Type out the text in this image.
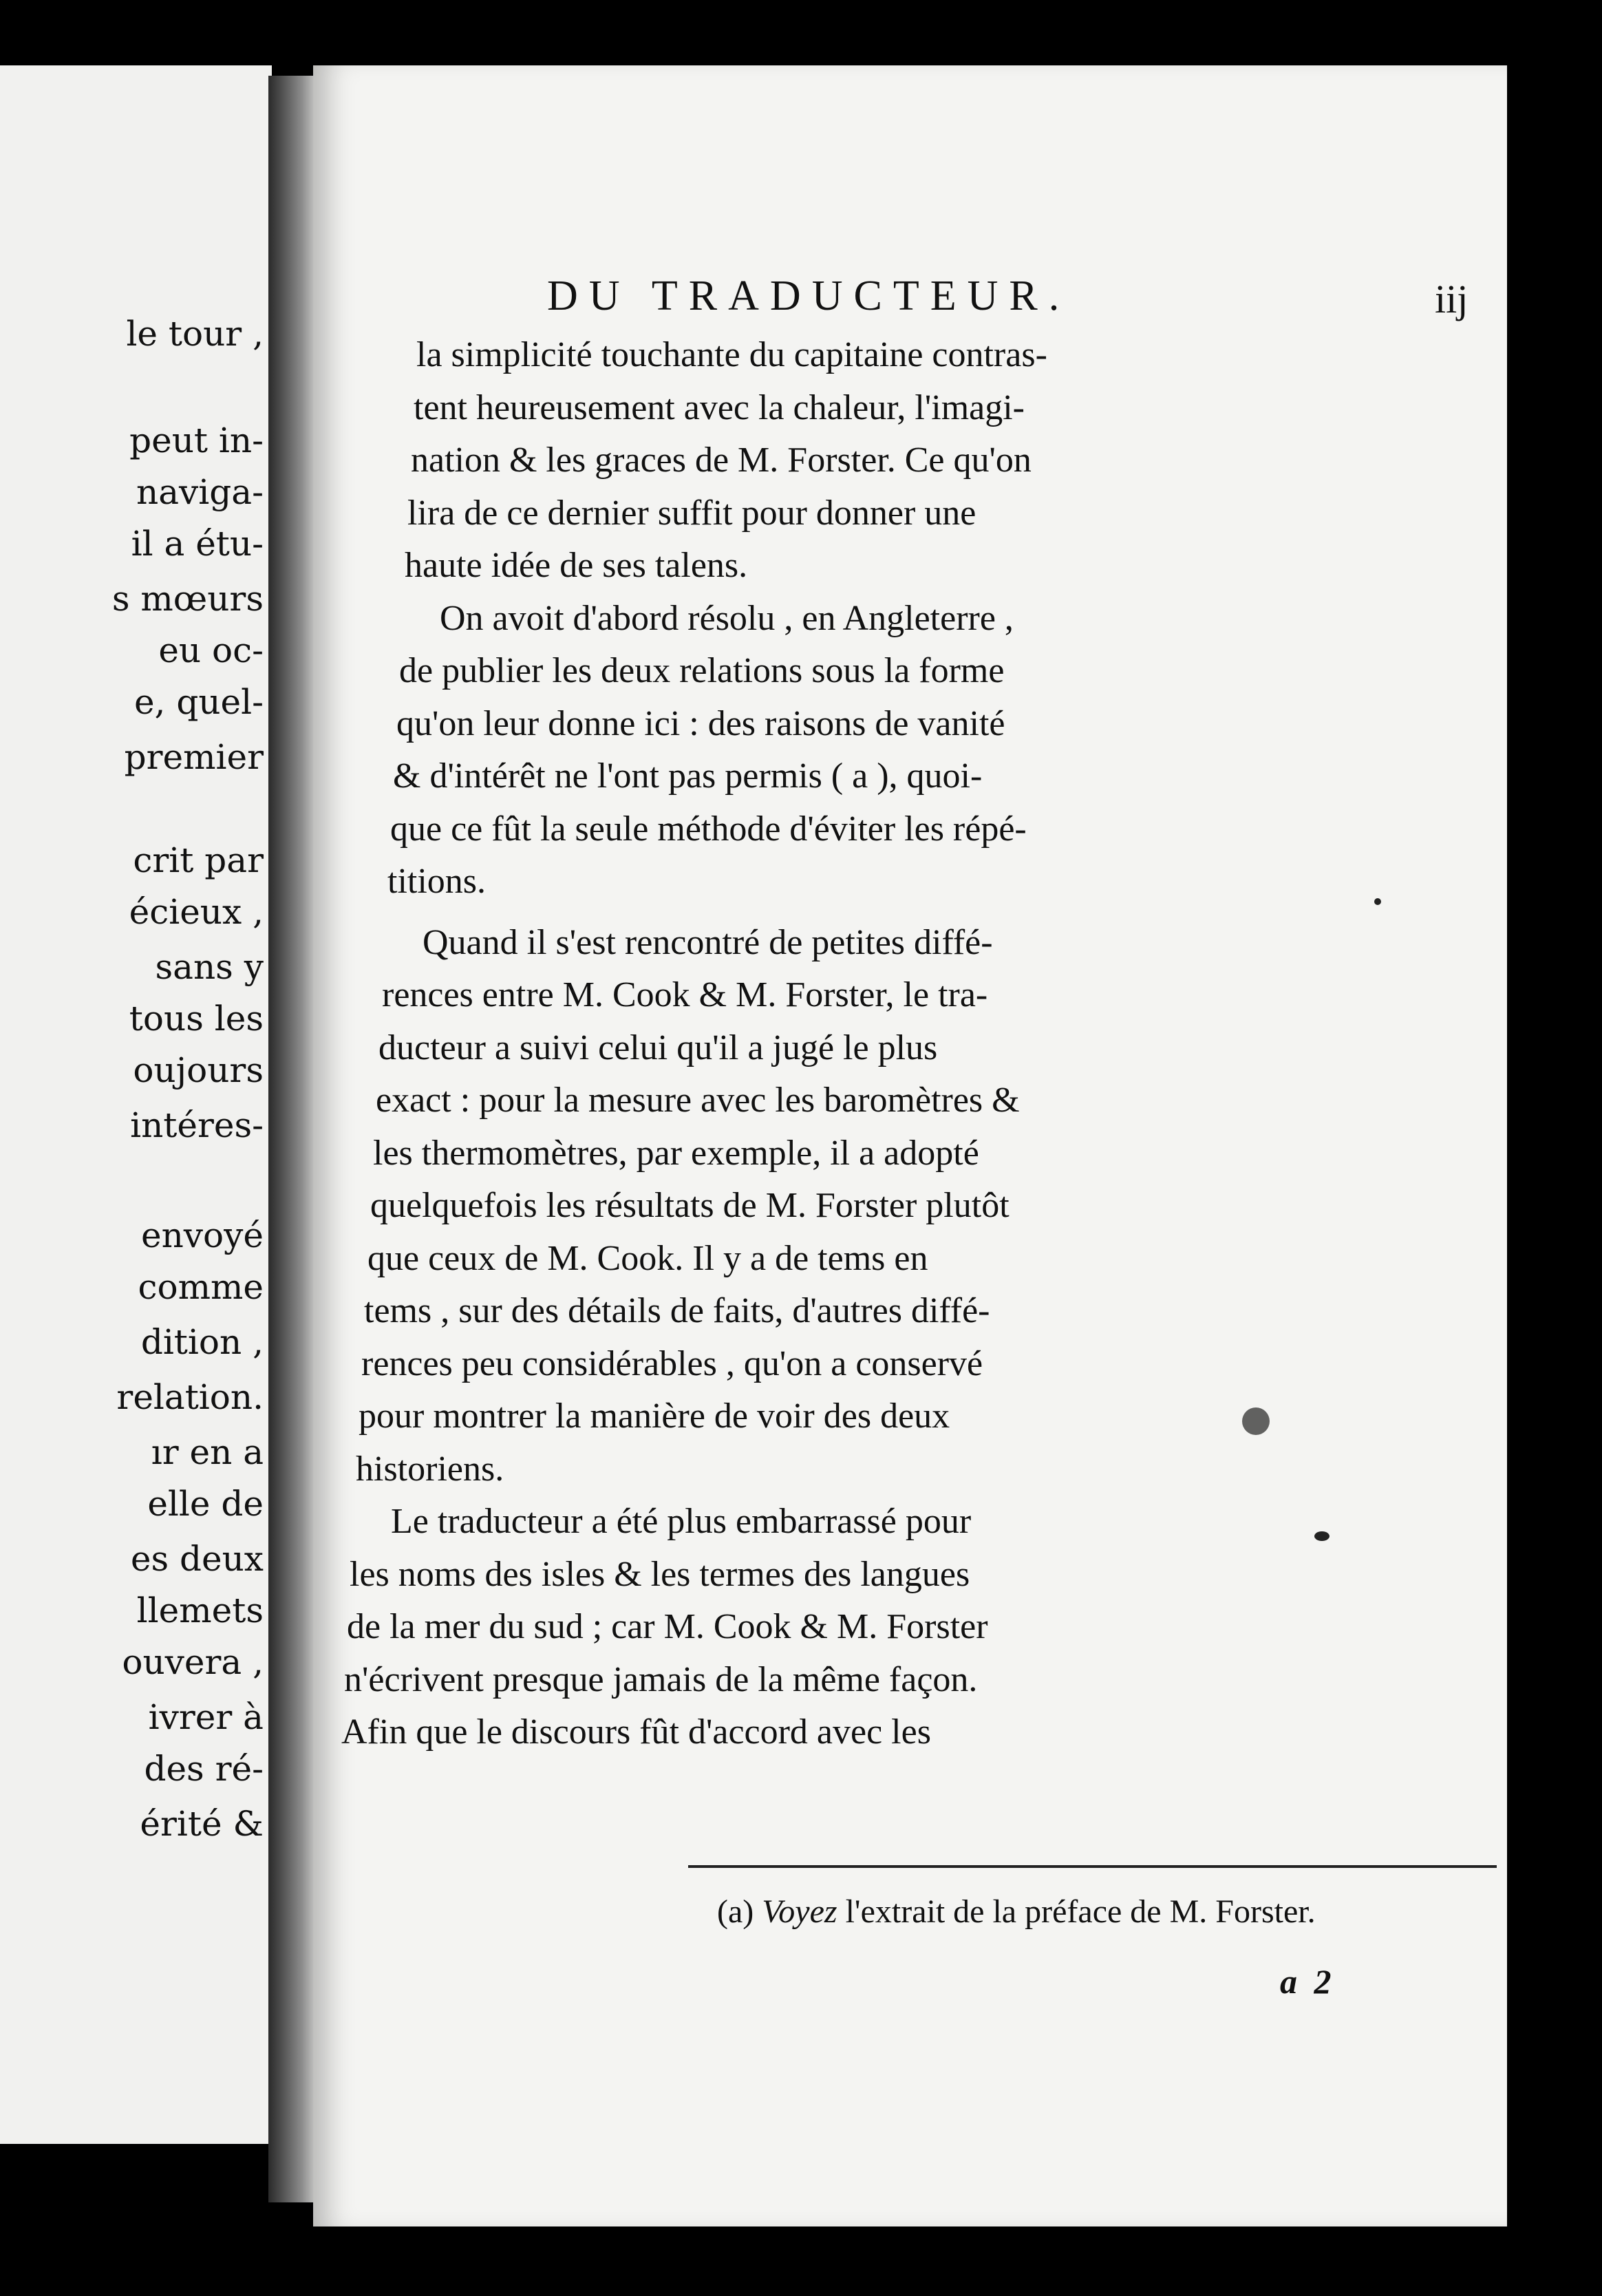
le tour ,
peut in-
naviga-
il a étu-
s mœurs
eu oc-
e, quel-
premier
crit par
écieux ,
sans y
tous les
oujours
intéres-
envoyé
comme
dition ,
relation.
ır en a
elle de
es deux
llemets
ouvera ,
ivrer à
des ré-
érité &
DU TRADUCTEUR.	iij
la simplicité touchante du capitaine contras-
tent heureusement avec la chaleur, l'imagi-
nation & les graces de M. Forster. Ce qu'on
lira de ce dernier suffit pour donner une
haute idée de ses talens.
On avoit d'abord résolu , en Angleterre ,
de publier les deux relations sous la forme
qu'on leur donne ici : des raisons de vanité
& d'intérêt ne l'ont pas permis ( a ), quoi-
que ce fût la seule méthode d'éviter les répé-
titions.
Quand il s'est rencontré de petites diffé-
rences entre M. Cook & M. Forster, le tra-
ducteur a suivi celui qu'il a jugé le plus
exact : pour la mesure avec les baromètres &
les thermomètres, par exemple, il a adopté
quelquefois les résultats de M. Forster plutôt
que ceux de M. Cook. Il y a de tems en
tems , sur des détails de faits, d'autres diffé-
rences peu considérables , qu'on a conservé
pour montrer la manière de voir des deux
historiens.
Le traducteur a été plus embarrassé pour
les noms des isles & les termes des langues
de la mer du sud ; car M. Cook & M. Forster
n'écrivent presque jamais de la même façon.
Afin que le discours fût d'accord avec les
(a) Voyez l'extrait de la préface de M. Forster.
a 2
